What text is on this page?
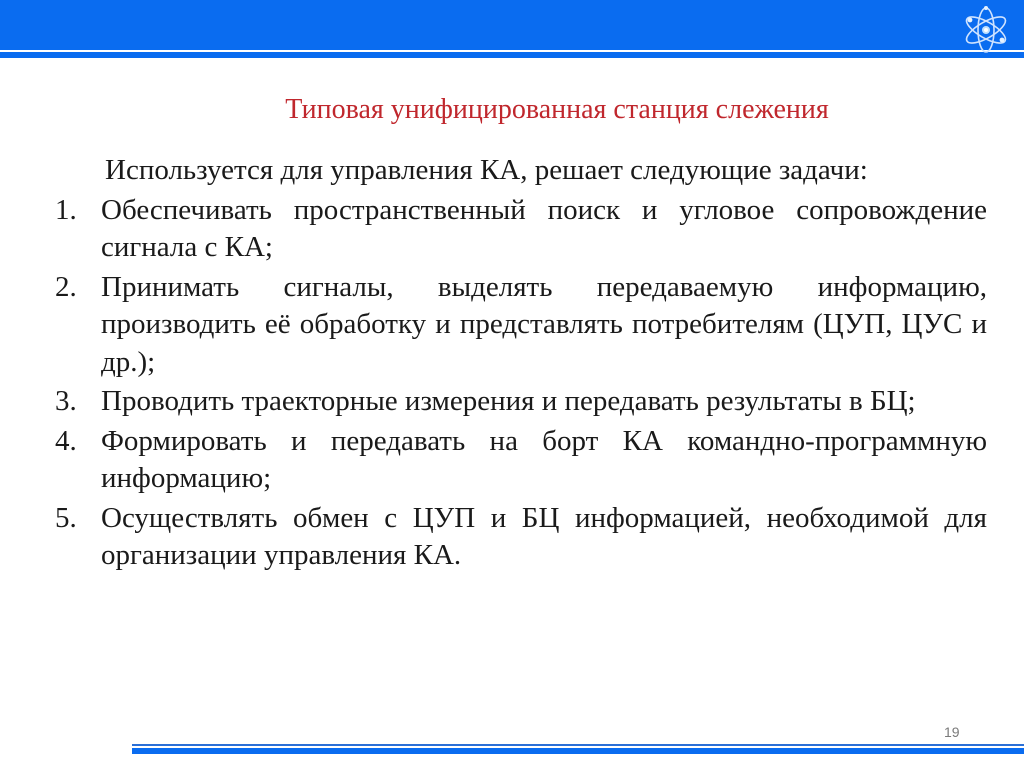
Типовая унифицированная станция слежения

Используется для управления КА, решает следующие задачи:

1. Обеспечивать пространственный поиск и угловое сопровождение сигнала с КА;
2. Принимать сигналы, выделять передаваемую информацию, производить её обработку и представлять потребителям (ЦУП, ЦУС и др.);
3. Проводить траекторные измерения и передавать результаты в БЦ;
4. Формировать и передавать на борт КА командно-программную информацию;
5. Осуществлять обмен с ЦУП и БЦ информацией, необходимой для организации управления КА.
19
